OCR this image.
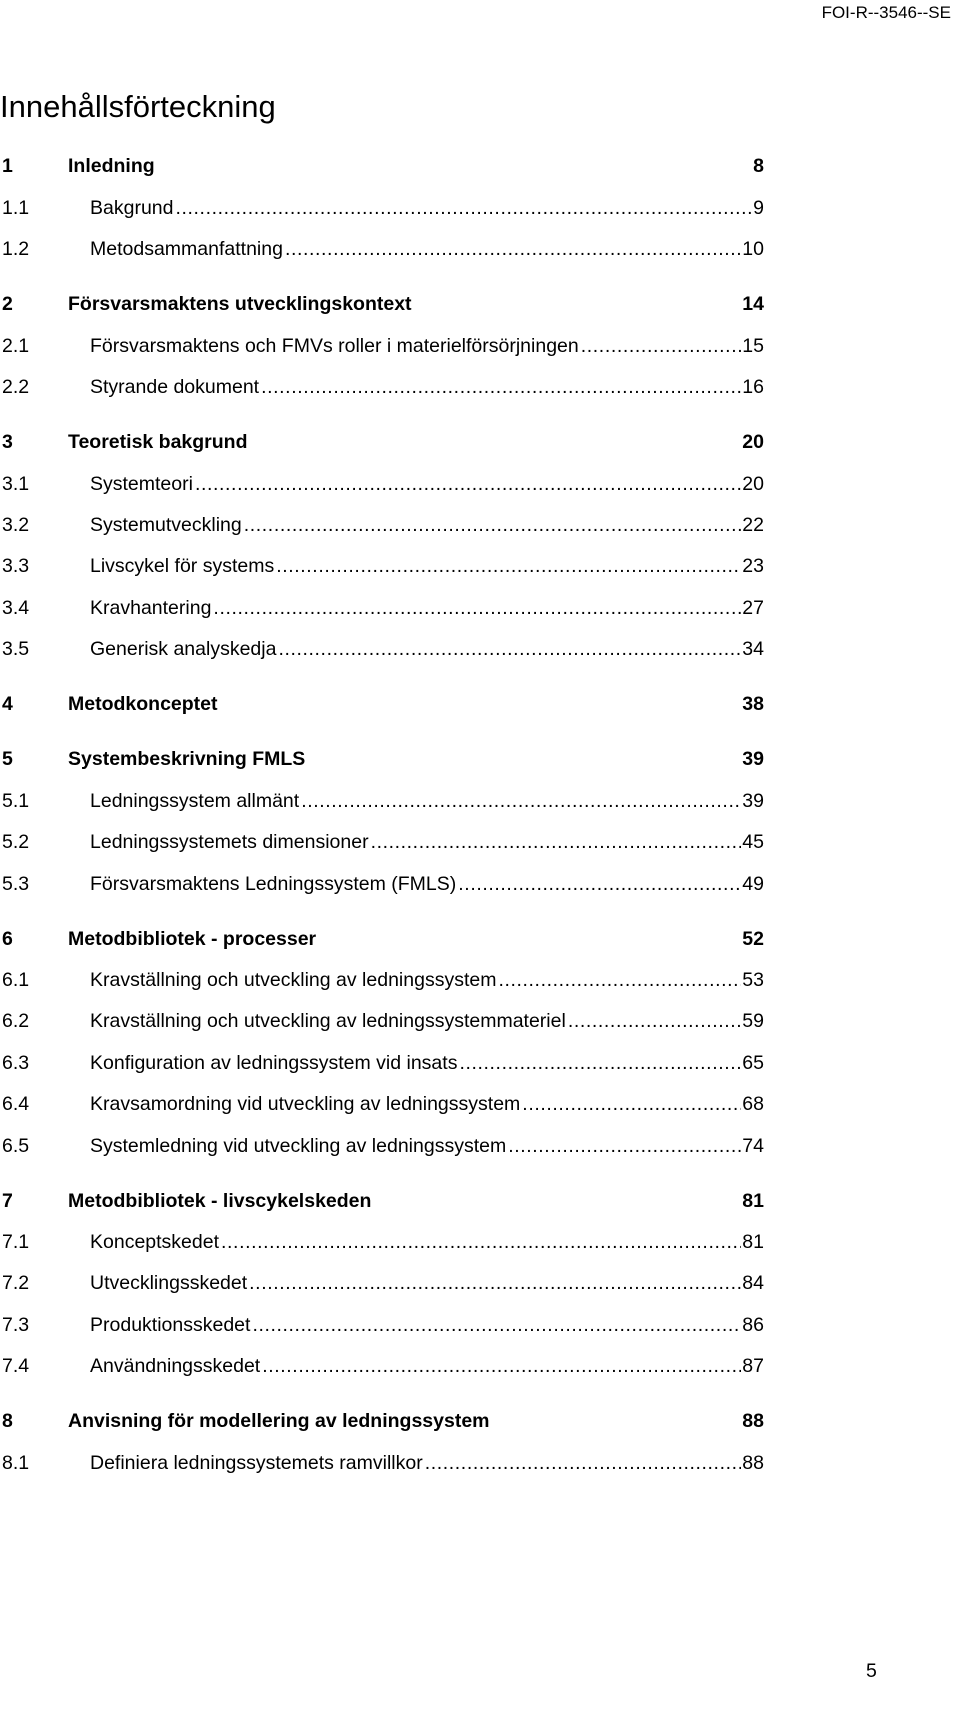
FOI-R--3546--SE
Innehållsförteckning
1	Inledning	8
1.1	Bakgrund .....	9
1.2	Metodsammanfattning .....	10
2	Försvarsmaktens utvecklingskontext	14
2.1	Försvarsmaktens och FMVs roller i materielförsörjningen .....	15
2.2	Styrande dokument .....	16
3	Teoretisk bakgrund	20
3.1	Systemteori .....	20
3.2	Systemutveckling .....	22
3.3	Livscykel för systems .....	23
3.4	Kravhantering .....	27
3.5	Generisk analyskedja .....	34
4	Metodkonceptet	38
5	Systembeskrivning FMLS	39
5.1	Ledningssystem allmänt .....	39
5.2	Ledningssystemets dimensioner .....	45
5.3	Försvarsmaktens Ledningssystem (FMLS) .....	49
6	Metodbibliotek - processer	52
6.1	Kravställning och utveckling av ledningssystem .....	53
6.2	Kravställning och utveckling av ledningssystemmateriel .....	59
6.3	Konfiguration av ledningssystem vid insats .....	65
6.4	Kravsamordning vid utveckling av ledningssystem .....	68
6.5	Systemledning vid utveckling av ledningssystem .....	74
7	Metodbibliotek - livscykelskeden	81
7.1	Konceptskedet .....	81
7.2	Utvecklingsskedet .....	84
7.3	Produktionsskedet .....	86
7.4	Användningsskedet .....	87
8	Anvisning för modellering av ledningssystem	88
8.1	Definiera ledningssystemets ramvillkor .....	88
5
